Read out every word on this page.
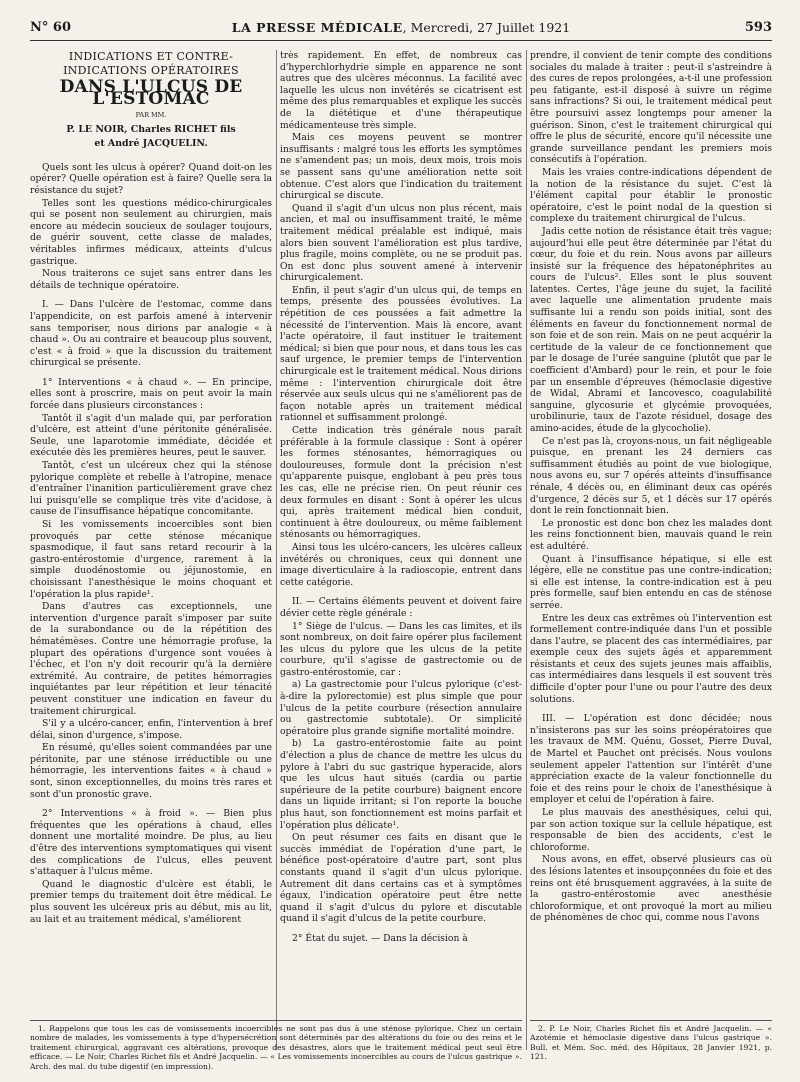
N° 60	LA PRESSE MÉDICALE, Mercredi, 27 Juillet 1921	593

INDICATIONS ET CONTRE-INDICATIONS OPÉRATOIRES

DANS L'ULCUS DE L'ESTOMAC

PAR MM.

P. LE NOIR, Charles RICHET fils

et André JACQUELIN.

Quels sont les ulcus à opérer? Quand doit-on les opérer? Quelle opération est à faire? Quelle sera la résistance du sujet?

Telles sont les questions médico-chirurgicales qui se posent non seulement au chirurgien, mais encore au médecin soucieux de soulager toujours, de guérir souvent, cette classe de malades, véritables infirmes médicaux, atteints d'ulcus gastrique.

Nous traiterons ce sujet sans entrer dans les détails de technique opératoire.

I. — Dans l'ulcère de l'estomac, comme dans l'appendicite, on est parfois amené à intervenir sans temporiser, nous dirions par analogie « à chaud ». Ou au contraire et beaucoup plus souvent, c'est « à froid » que la discussion du traitement chirurgical se présente.

1° Interventions « à chaud ». — En principe, elles sont à proscrire, mais on peut avoir la main forcée dans plusieurs circonstances :

Tantôt il s'agit d'un malade qui, par perforation d'ulcère, est atteint d'une péritonite généralisée. Seule, une laparotomie immédiate, décidée et exécutée dès les premières heures, peut le sauver.

Tantôt, c'est un ulcéreux chez qui la sténose pylorique complète et rebelle à l'atropine, menace d'entraîner l'inanition particulièrement grave chez lui puisqu'elle se complique très vite d'acidose, à cause de l'insuffisance hépatique concomitante.

Si les vomissements incoercibles sont bien provoqués par cette sténose mécanique spasmodique, il faut sans retard recourir à la gastro-entérostomie d'urgence, rarement à la simple duodénostomie ou jéjunostomie, en choisissant l'anesthésique le moins choquant et l'opération la plus rapide¹.

Dans d'autres cas exceptionnels, une intervention d'urgence paraît s'imposer par suite de la surabondance ou de la répétition des hématémèses. Contre une hémorragie profuse, la plupart des opérations d'urgence sont vouées à l'échec, et l'on n'y doit recourir qu'à la dernière extrémité. Au contraire, de petites hémorragies inquiétantes par leur répétition et leur ténacité peuvent constituer une indication en faveur du traitement chirurgical.

S'il y a ulcéro-cancer, enfin, l'intervention à bref délai, sinon d'urgence, s'impose.

En résumé, qu'elles soient commandées par une péritonite, par une sténose irréductible ou une hémorragie, les interventions faites « à chaud » sont, sinon exceptionnelles, du moins très rares et sont d'un pronostic grave.

2° Interventions « à froid ». — Bien plus fréquentes que les opérations à chaud, elles donnent une mortalité moindre. De plus, au lieu d'être des interventions symptomatiques qui visent des complications de l'ulcus, elles peuvent s'attaquer à l'ulcus même.

Quand le diagnostic d'ulcère est établi, le premier temps du traitement doit être médical. Le plus souvent les ulcéreux pris au début, mis au lit, au lait et au traitement médical, s'améliorent

très rapidement. En effet, de nombreux cas d'hyperchlorhydrie simple en apparence ne sont autres que des ulcères méconnus. La facilité avec laquelle les ulcus non invétérés se cicatrisent est même des plus remarquables et explique les succès de la diététique et d'une thérapeutique médicamenteuse très simple.

Mais ces moyens peuvent se montrer insuffisants : malgré tous les efforts les symptômes ne s'amendent pas; un mois, deux mois, trois mois se passent sans qu'une amélioration nette soit obtenue. C'est alors que l'indication du traitement chirurgical se discute.

Quand il s'agit d'un ulcus non plus récent, mais ancien, et mal ou insuffisamment traité, le même traitement médical préalable est indiqué, mais alors bien souvent l'amélioration est plus tardive, plus fragile, moins complète, ou ne se produit pas. On est donc plus souvent amené à intervenir chirurgicalement.

Enfin, il peut s'agir d'un ulcus qui, de temps en temps, présente des poussées évolutives. La répétition de ces poussées a fait admettre la nécessité de l'intervention. Mais là encore, avant l'acte opératoire, il faut instituer le traitement médical; si bien que pour nous, et dans tous les cas sauf urgence, le premier temps de l'intervention chirurgicale est le traitement médical. Nous dirions même : l'intervention chirurgicale doit être réservée aux seuls ulcus qui ne s'améliorent pas de façon notable après un traitement médical rationnel et suffisamment prolongé.

Cette indication très générale nous paraît préférable à la formule classique : Sont à opérer les formes sténosantes, hémorragiques ou douloureuses, formule dont la précision n'est qu'apparente puisque, englobant à peu près tous les cas, elle ne précise rien. On peut réunir ces deux formules en disant : Sont à opérer les ulcus qui, après traitement médical bien conduit, continuent à être douloureux, ou même faiblement sténosants ou hémorragiques.

Ainsi tous les ulcéro-cancers, les ulcères calleux invétérés ou chroniques, ceux qui donnent une image diverticulaire à la radioscopie, entrent dans cette catégorie.

II. — Certains éléments peuvent et doivent faire dévier cette règle générale :

1° Siège de l'ulcus. — Dans les cas limites, et ils sont nombreux, on doit faire opérer plus facilement les ulcus du pylore que les ulcus de la petite courbure, qu'il s'agisse de gastrectomie ou de gastro-entérostomie, car :

a) La gastrectomie pour l'ulcus pylorique (c'est-à-dire la pylorectomie) est plus simple que pour l'ulcus de la petite courbure (résection annulaire ou gastrectomie subtotale). Or simplicité opératoire plus grande signifie mortalité moindre.

b) La gastro-entérostomie faite au point d'élection a plus de chance de mettre les ulcus du pylore à l'abri du suc gastrique hyperacide, alors que les ulcus haut situés (cardia ou partie supérieure de la petite courbure) baignent encore dans un liquide irritant; si l'on reporte la bouche plus haut, son fonctionnement est moins parfait et l'opération plus délicate¹.

On peut résumer ces faits en disant que le succès immédiat de l'opération d'une part, le bénéfice post-opératoire d'autre part, sont plus constants quand il s'agit d'un ulcus pylorique. Autrement dit dans certains cas et à symptômes égaux, l'indication opératoire peut être nette quand il s'agit d'ulcus du pylore et discutable quand il s'agit d'ulcus de la petite courbure.

2° État du sujet. — Dans la décision à

prendre, il convient de tenir compte des conditions sociales du malade à traiter : peut-il s'astreindre à des cures de repos prolongées, a-t-il une profession peu fatigante, est-il disposé à suivre un régime sans infractions? Si oui, le traitement médical peut être poursuivi assez longtemps pour amener la guérison. Sinon, c'est le traitement chirurgical qui offre le plus de sécurité, encore qu'il nécessite une grande surveillance pendant les premiers mois consécutifs à l'opération.

Mais les vraies contre-indications dépendent de la notion de la résistance du sujet. C'est là l'élément capital pour établir le pronostic opératoire, c'est le point nodal de la question si complexe du traitement chirurgical de l'ulcus.

Jadis cette notion de résistance était très vague; aujourd'hui elle peut être déterminée par l'état du cœur, du foie et du rein. Nous avons par ailleurs insisté sur la fréquence des hépatonéphrites au cours de l'ulcus². Elles sont le plus souvent latentes. Certes, l'âge jeune du sujet, la facilité avec laquelle une alimentation prudente mais suffisante lui a rendu son poids initial, sont des éléments en faveur du fonctionnement normal de son foie et de son rein. Mais on ne peut acquérir la certitude de la valeur de ce fonctionnement que par le dosage de l'urée sanguine (plutôt que par le coefficient d'Ambard) pour le rein, et pour le foie par un ensemble d'épreuves (hémoclasie digestive de Widal, Abrami et Iancovesco, coagulabilité sanguine, glycosurie et glycémie provoquées, urobilinurie, taux de l'azote résiduel, dosage des amino-acides, étude de la glycocholie).

Ce n'est pas là, croyons-nous, un fait négligeable puisque, en prenant les 24 derniers cas suffisamment étudiés au point de vue biologique, nous avons eu, sur 7 opérés atteints d'insuffisance rénale, 4 décès ou, en éliminant deux cas opérés d'urgence, 2 décès sur 5, et 1 décès sur 17 opérés dont le rein fonctionnait bien.

Le pronostic est donc bon chez les malades dont les reins fonctionnent bien, mauvais quand le rein est adultéré.

Quant à l'insuffisance hépatique, si elle est légère, elle ne constitue pas une contre-indication; si elle est intense, la contre-indication est à peu près formelle, sauf bien entendu en cas de sténose serrée.

Entre les deux cas extrêmes où l'intervention est formellement contre-indiquée dans l'un et possible dans l'autre, se placent des cas intermédiaires, par exemple ceux des sujets âgés et apparemment résistants et ceux des sujets jeunes mais affaiblis, cas intermédiaires dans lesquels il est souvent très difficile d'opter pour l'une ou pour l'autre des deux solutions.

III. — L'opération est donc décidée; nous n'insisterons pas sur les soins préopératoires que les travaux de MM. Quénu, Gosset, Pierre Duval, de Martel et Pauchet ont précisés. Nous voulons seulement appeler l'attention sur l'intérêt d'une appréciation exacte de la valeur fonctionnelle du foie et des reins pour le choix de l'anesthésique à employer et celui de l'opération à faire.

Le plus mauvais des anesthésiques, celui qui, par son action toxique sur la cellule hépatique, est responsable de bien des accidents, c'est le chloroforme.

Nous avons, en effet, observé plusieurs cas où des lésions latentes et insoupçonnées du foie et des reins ont été brusquement aggravées, à la suite de la gastro-entérostomie avec anesthésie chloroformique, et ont provoqué la mort au milieu de phénomènes de choc qui, comme nous l'avons

1. Rappelons que tous les cas de vomissements incoercibles ne sont pas dus à une sténose pylorique. Chez un certain nombre de malades, les vomissements à type d'hypersécrétion sont déterminés par des altérations du foie ou des reins et le traitement chirurgical, aggravant ces altérations, provoque des désastres, alors que le traitement médical peut seul être efficace. — Le Noir, Charles Richet fils et André Jacquelin. — « Les vomissements incoercibles au cours de l'ulcus gastrique ». Arch. des mal. du tube digestif (en impression).

2. P. Le Noir, Charles Richet fils et André Jacquelin. — « Azotémie et hémoclasie digestive dans l'ulcus gastrique ». Bull. et Mém. Soc. méd. des Hôpitaux, 28 Janvier 1921, p. 121.
